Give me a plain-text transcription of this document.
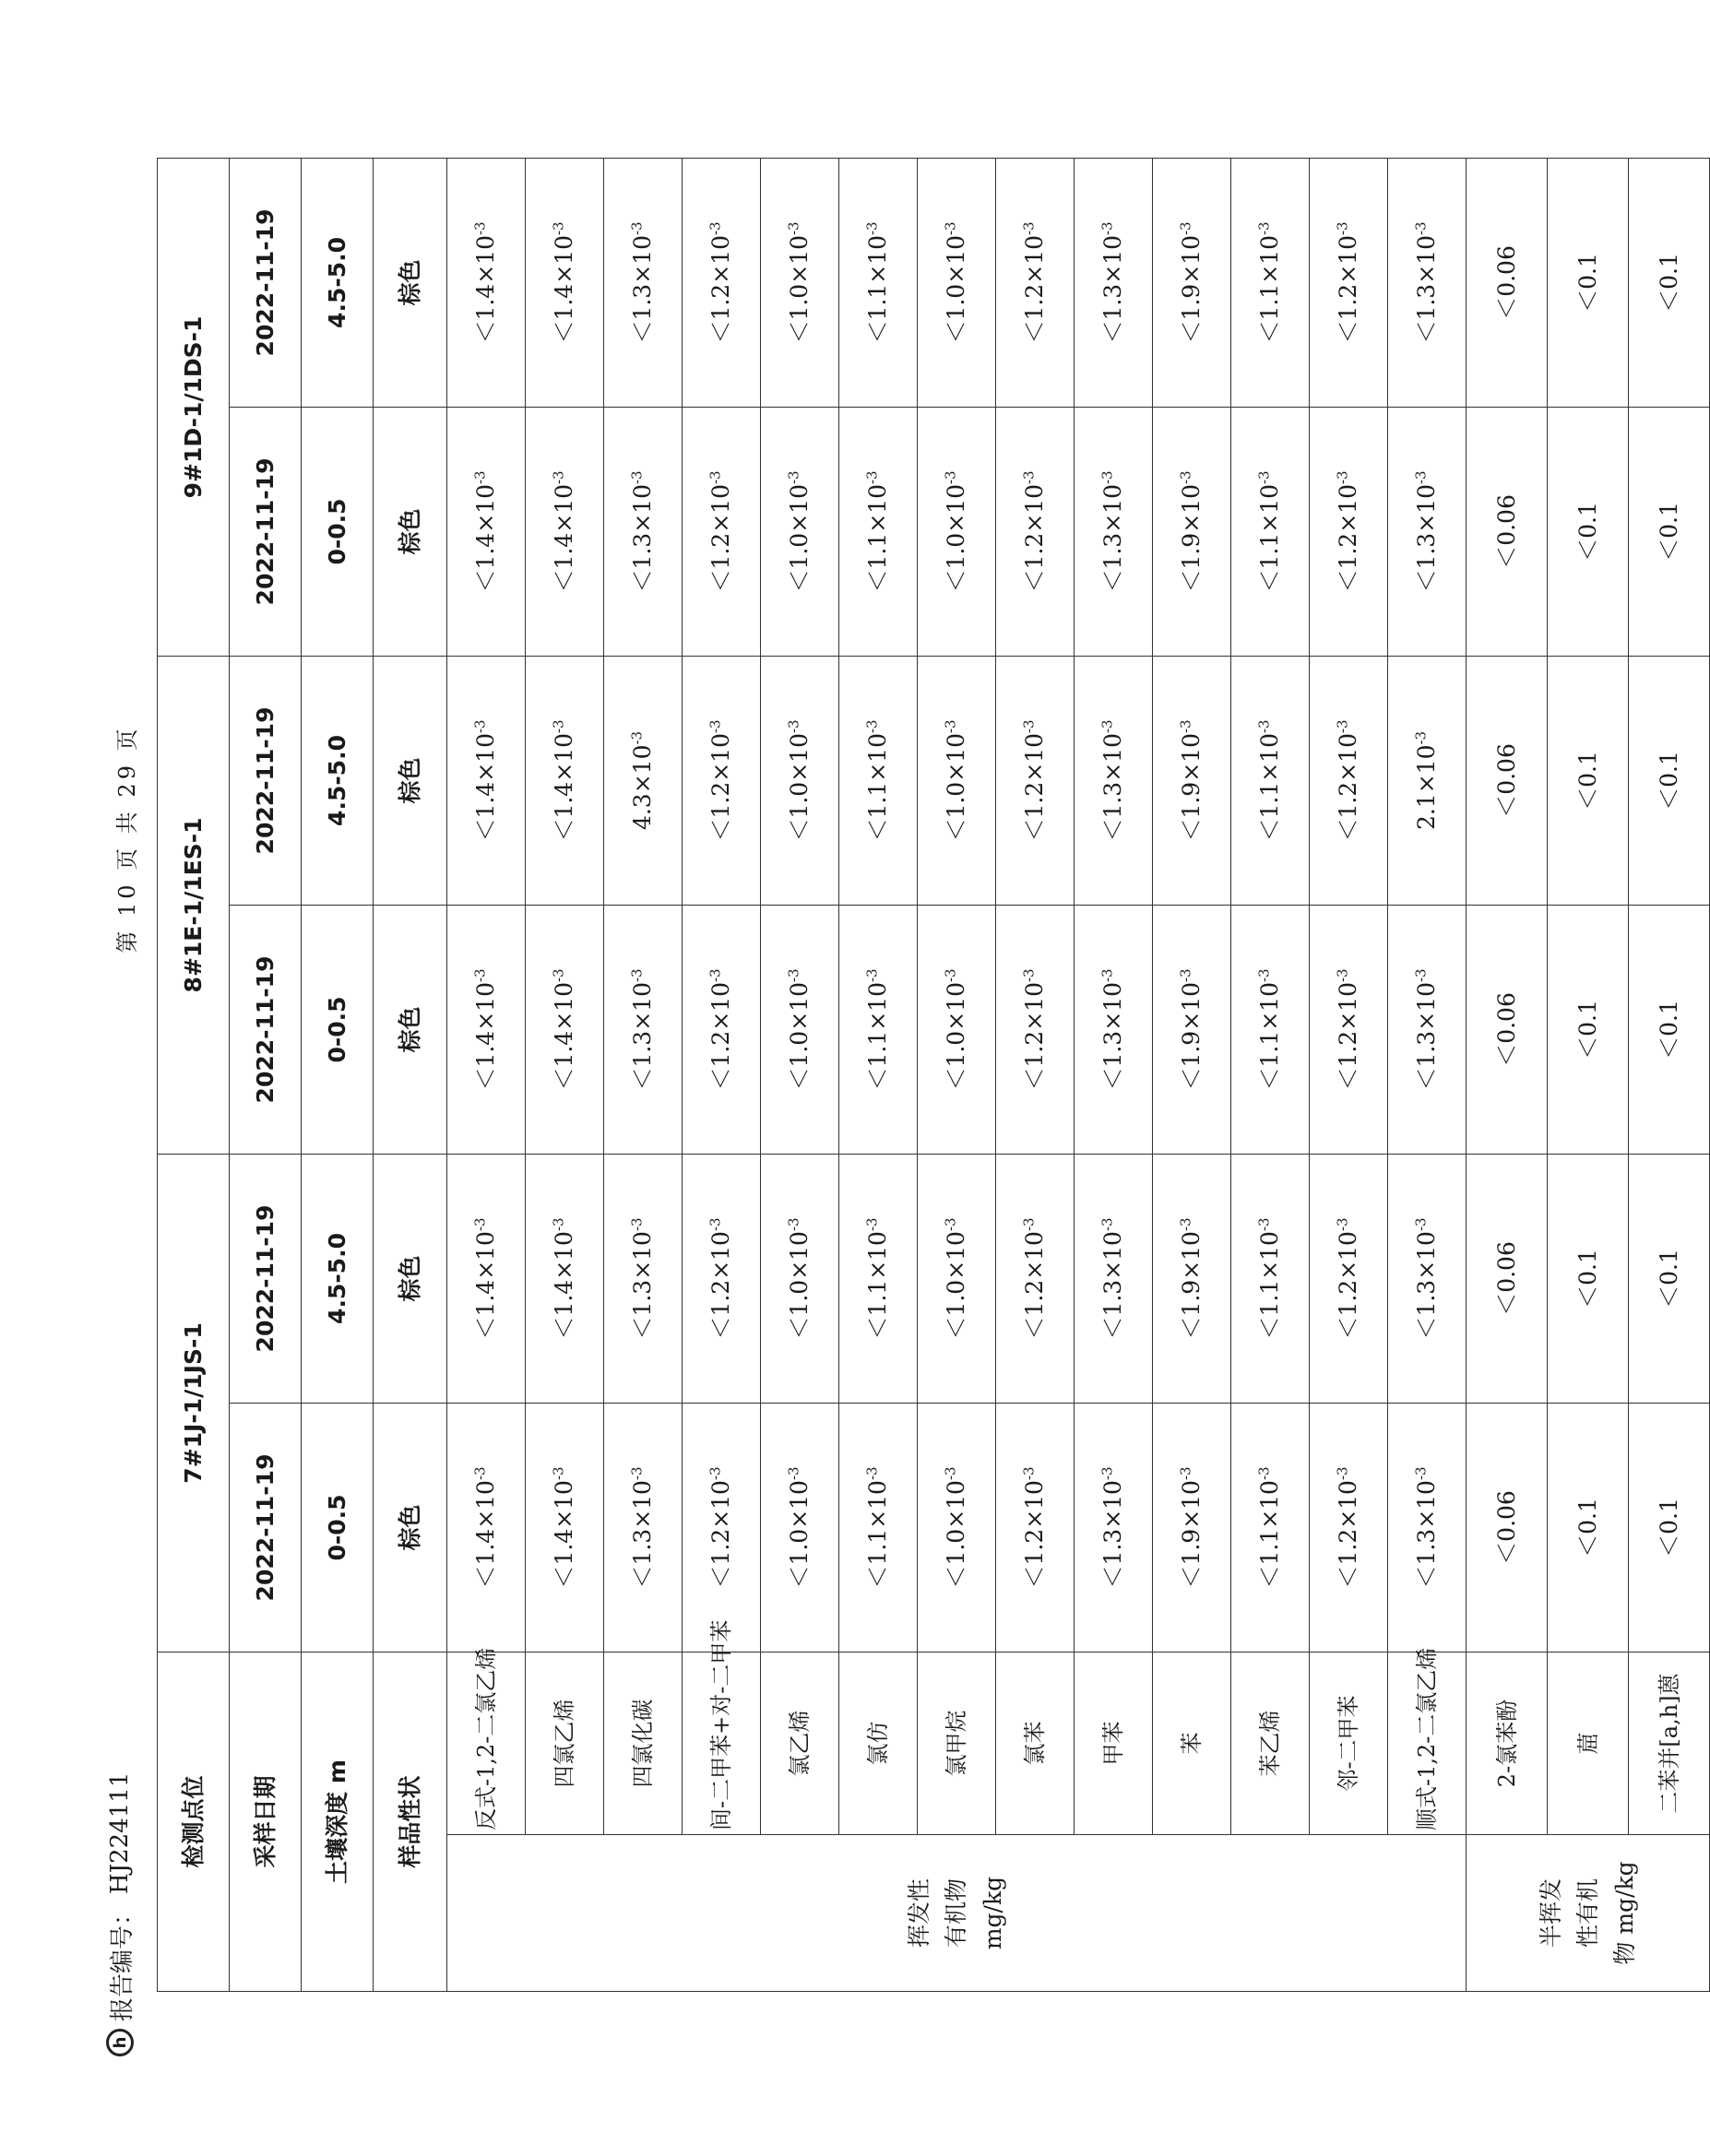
h
报告编号：
HJ224111
第 10 页 共 29 页
检测点位		7#1J-1/1JS-1		8#1E-1/1ES-1		9#1D-1/1DS-1	
采样日期		2022-11-19	2022-11-19	2022-11-19	2022-11-19	2022-11-19	2022-11-19
土壤深度 m		0-0.5	4.5-5.0	0-0.5	4.5-5.0	0-0.5	4.5-5.0
样品性状		棕色	棕色	棕色	棕色	棕色	棕色

挥发性 有机物 mg/kg	反式-1,2-二氯乙烯	$<1.4\times 10^{-3}$	$<1.4\times 10^{-3}$	$<1.4\times 10^{-3}$	$<1.4\times 10^{-3}$	$<1.4\times 10^{-3}$	$<1.4\times 10^{-3}$
	四氯乙烯	$<1.4\times 10^{-3}$	$<1.4\times 10^{-3}$	$<1.4\times 10^{-3}$	$<1.4\times 10^{-3}$	$<1.4\times 10^{-3}$	$<1.4\times 10^{-3}$
	四氯化碳	$<1.3\times 10^{-3}$	$<1.3\times 10^{-3}$	$<1.3\times 10^{-3}$	$4.3\times 10^{-3}$	$<1.3\times 10^{-3}$	$<1.3\times 10^{-3}$
	间-二甲苯+对-二甲苯	$<1.2\times 10^{-3}$	$<1.2\times 10^{-3}$	$<1.2\times 10^{-3}$	$<1.2\times 10^{-3}$	$<1.2\times 10^{-3}$	$<1.2\times 10^{-3}$
	氯乙烯	$<1.0\times 10^{-3}$	$<1.0\times 10^{-3}$	$<1.0\times 10^{-3}$	$<1.0\times 10^{-3}$	$<1.0\times 10^{-3}$	$<1.0\times 10^{-3}$
	氯仿	$<1.1\times 10^{-3}$	$<1.1\times 10^{-3}$	$<1.1\times 10^{-3}$	$<1.1\times 10^{-3}$	$<1.1\times 10^{-3}$	$<1.1\times 10^{-3}$
	氯甲烷	$<1.0\times 10^{-3}$	$<1.0\times 10^{-3}$	$<1.0\times 10^{-3}$	$<1.0\times 10^{-3}$	$<1.0\times 10^{-3}$	$<1.0\times 10^{-3}$
	氯苯	$<1.2\times 10^{-3}$	$<1.2\times 10^{-3}$	$<1.2\times 10^{-3}$	$<1.2\times 10^{-3}$	$<1.2\times 10^{-3}$	$<1.2\times 10^{-3}$
	甲苯	$<1.3\times 10^{-3}$	$<1.3\times 10^{-3}$	$<1.3\times 10^{-3}$	$<1.3\times 10^{-3}$	$<1.3\times 10^{-3}$	$<1.3\times 10^{-3}$
	苯	$<1.9\times 10^{-3}$	$<1.9\times 10^{-3}$	$<1.9\times 10^{-3}$	$<1.9\times 10^{-3}$	$<1.9\times 10^{-3}$	$<1.9\times 10^{-3}$
	苯乙烯	$<1.1\times 10^{-3}$	$<1.1\times 10^{-3}$	$<1.1\times 10^{-3}$	$<1.1\times 10^{-3}$	$<1.1\times 10^{-3}$	$<1.1\times 10^{-3}$
	邻-二甲苯	$<1.2\times 10^{-3}$	$<1.2\times 10^{-3}$	$<1.2\times 10^{-3}$	$<1.2\times 10^{-3}$	$<1.2\times 10^{-3}$	$<1.2\times 10^{-3}$
	顺式-1,2-二氯乙烯	$<1.3\times 10^{-3}$	$<1.3\times 10^{-3}$	$<1.3\times 10^{-3}$	$2.1\times 10^{-3}$	$<1.3\times 10^{-3}$	$<1.3\times 10^{-3}$

半挥发 性有机 物 mg/kg	2-氯苯酚	＜0.06	＜0.06	＜0.06	＜0.06	＜0.06	＜0.06
	䓛	＜0.1	＜0.1	＜0.1	＜0.1	＜0.1	＜0.1
	二苯并[a,h]蒽	＜0.1	＜0.1	＜0.1	＜0.1	＜0.1	＜0.1
